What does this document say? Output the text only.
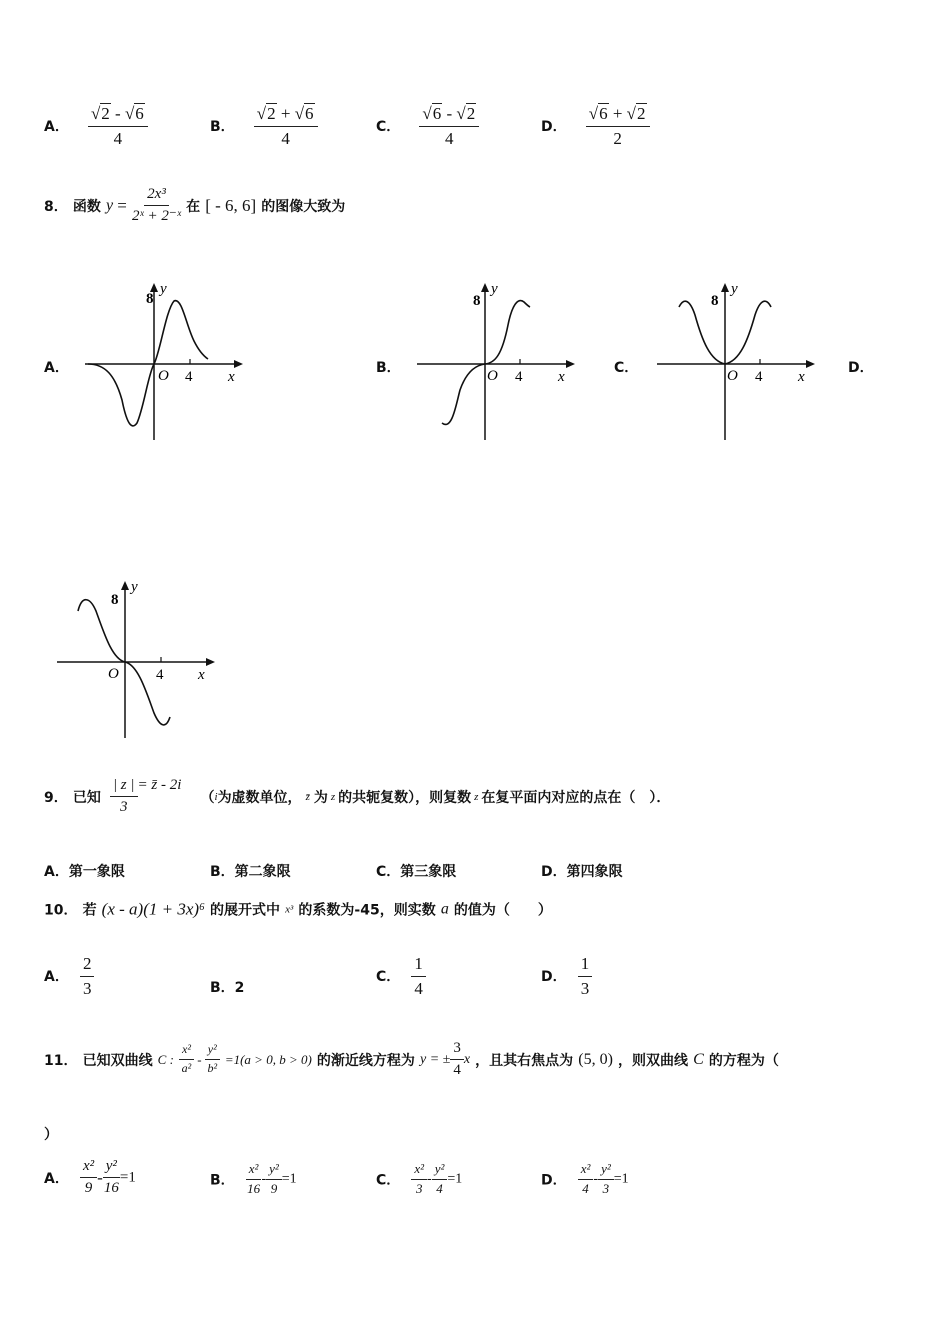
A． $\frac{√2 - √6}{4}$	B． $\frac{√2 + √6}{4}$	C． $\frac{√6 - √2}{4}$	D． $\frac{√6 + √2}{2}$
8． 函数 $y = \frac{\text{2x³}}{\text{2ˣ + 2⁻ˣ}}$ 在 [ - 6, 6] 的图像大致为
A．	B．	C．	D．
8
y
O 4 x
8
y
O 4 x
8
y
O 4 x
8
y
O 4 x
9． 已知 $\frac{| z |}{3}$ = z̄ - 2i （i为虚数单位， z̄ 为 z 的共轭复数），则复数 z 在复平面内对应的点在（　）．
A．第一象限	B．第二象限	C．第三象限	D．第四象限
10． 若 (x - a)(1 + 3x)⁶ 的展开式中 x³ 的系数为-45，则实数 a 的值为（　　）
A． $\frac{2}{3}$	B．2
C． $\frac{1}{4}$	D． $\frac{1}{3}$
11． 已知双曲线 C : $\frac{\text{x²}}{\text{a²}} - \frac{\text{y²}}{\text{b²}} =1(a > 0$, b > 0) 的渐近线方程为 y = ± $\frac{3}{4}$ x ，且其右焦点为 (5, 0) ，则双曲线 C 的方程为（
）
A． $\frac{\text{x²}}{9} - \frac{\text{y²}}{16} =1$	B． $\frac{\text{x²}}{16} - \frac{\text{y²}}{9} =1$	C． $\frac{\text{x²}}{3} - \frac{\text{y²}}{4} =1$	D． $\frac{\text{x²}}{4} - \frac{\text{y²}}{3} =1$
